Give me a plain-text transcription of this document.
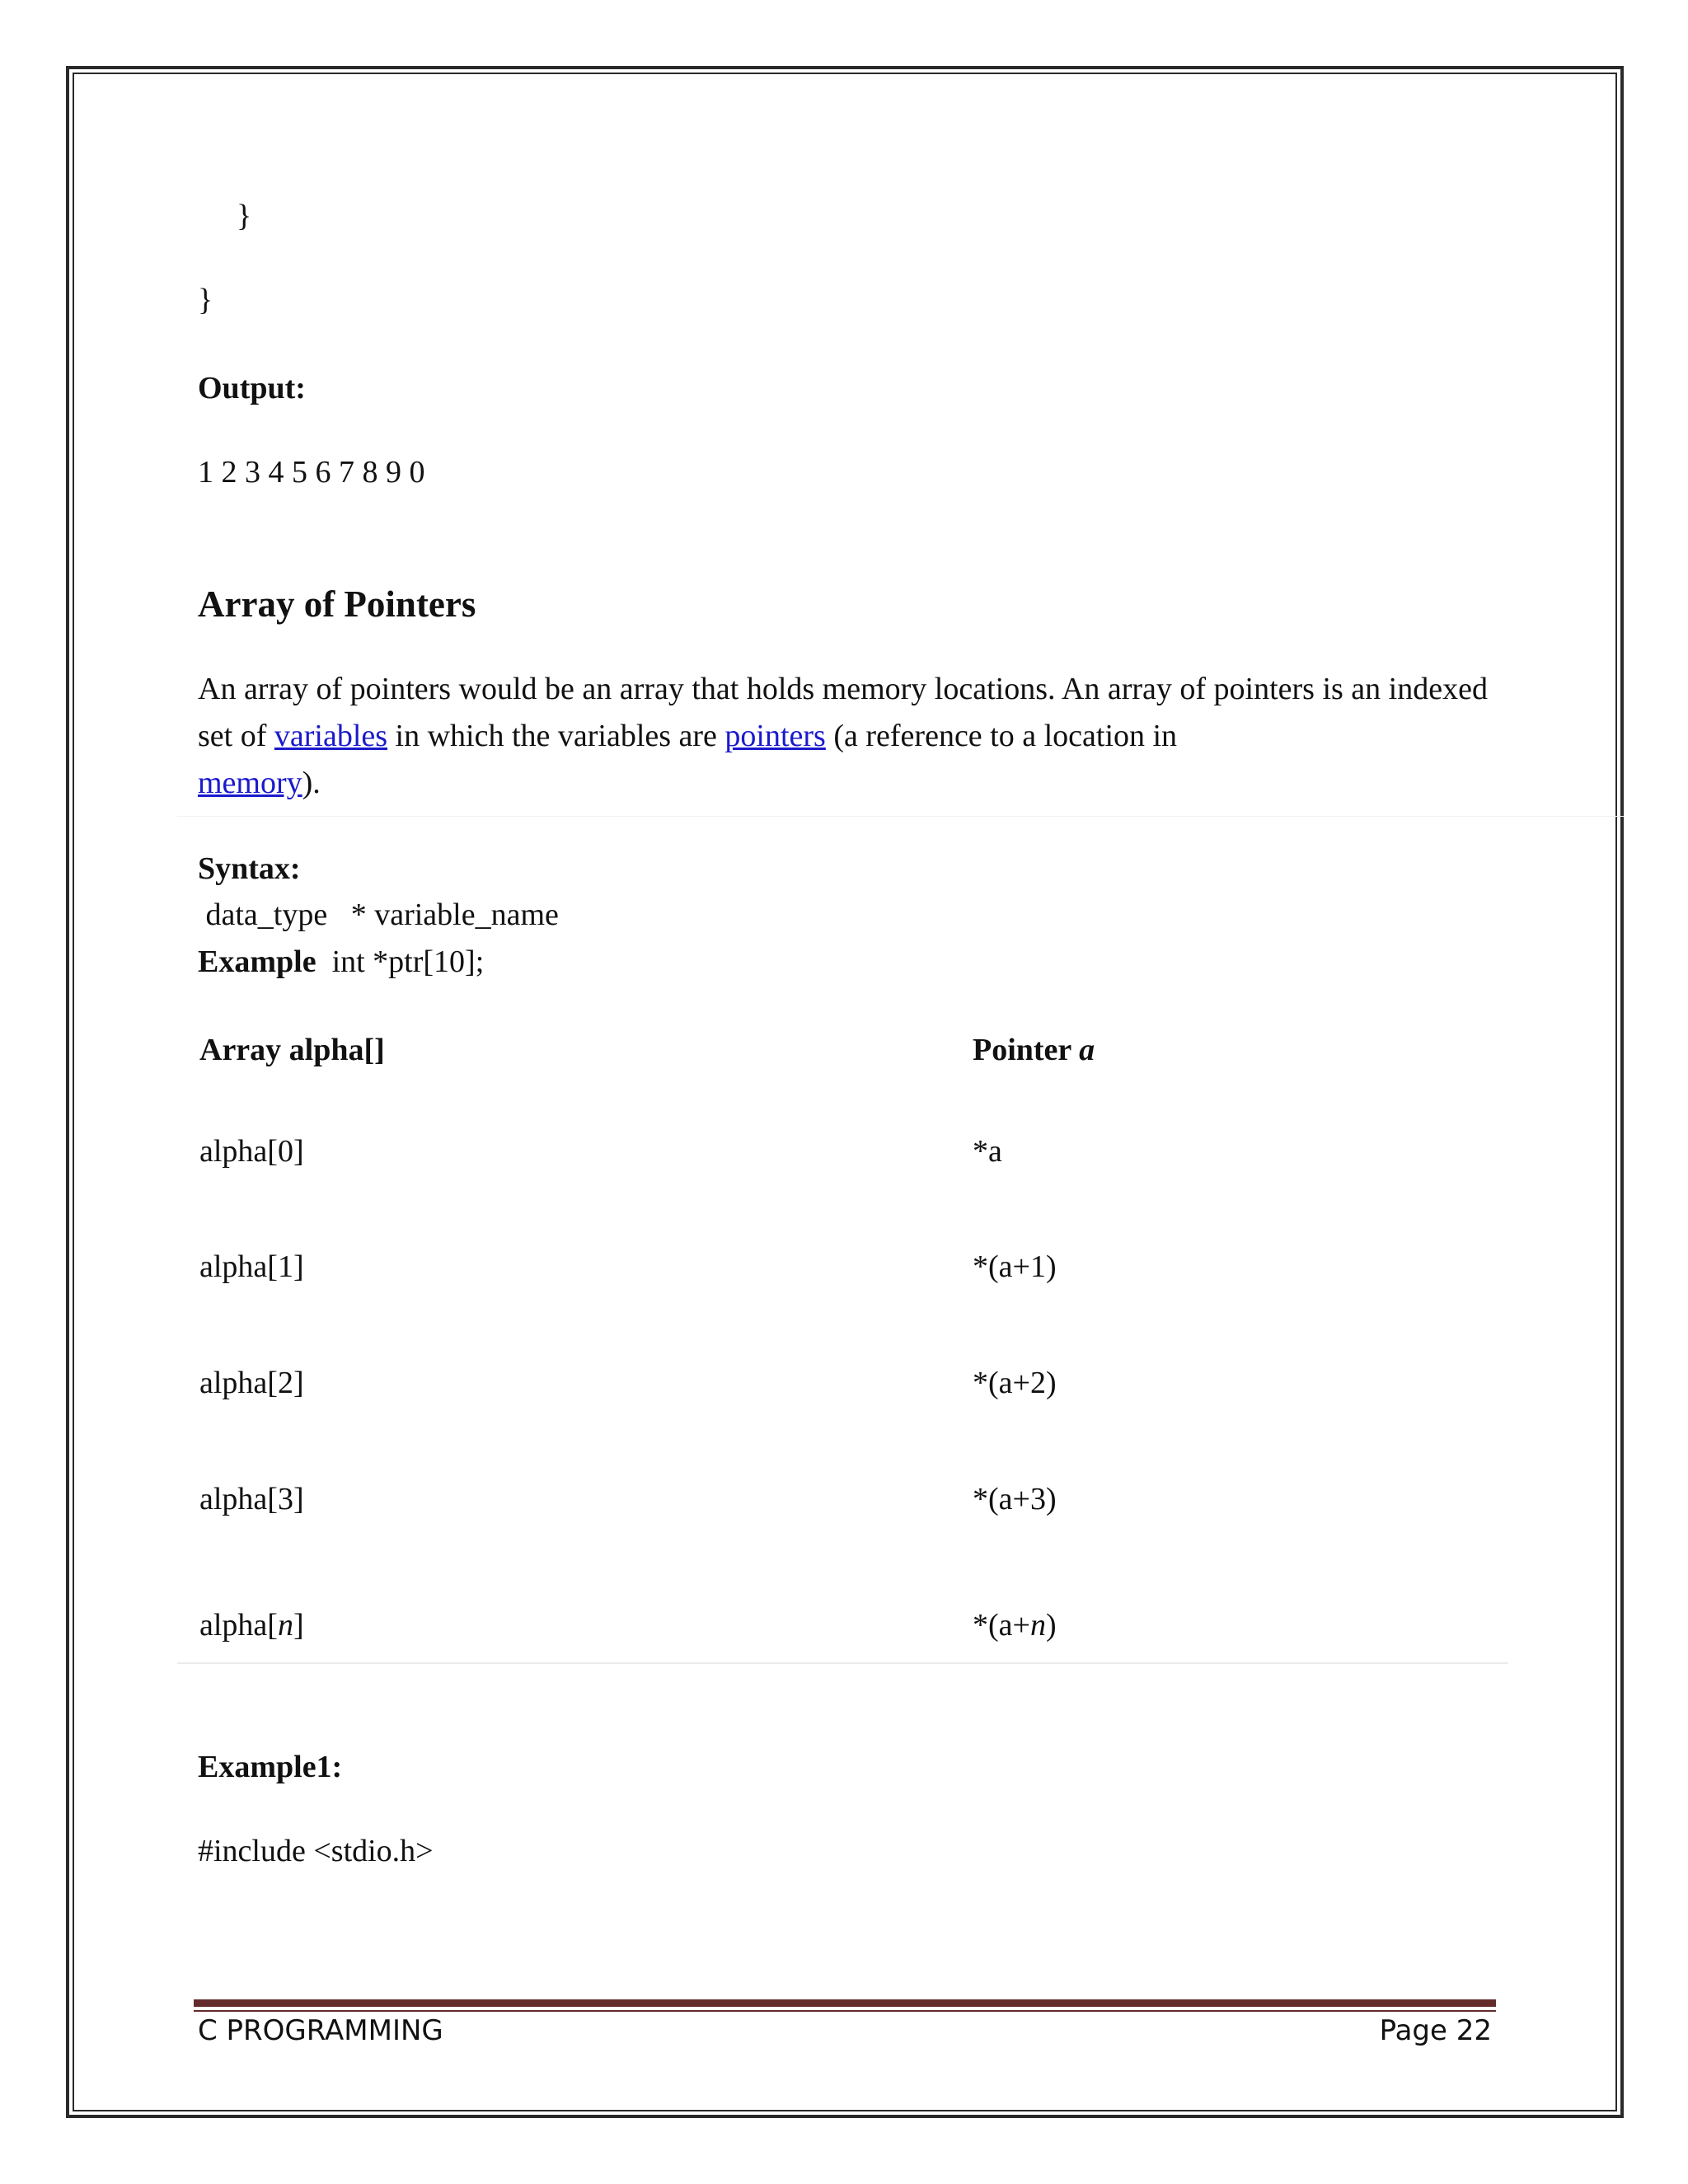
}
}
Output:
1 2 3 4 5 6 7 8 9 0
Array of Pointers
An array of pointers would be an array that holds memory locations. An array of pointers is an indexed set of variables in which the variables are pointers (a reference to a location in
memory).
Syntax:
data_type   * variable_name
Example  int *ptr[10];
Array alpha[]	Pointer a
alpha[0]	*a
alpha[1]	*(a+1)
alpha[2]	*(a+2)
alpha[3]	*(a+3)
alpha[n]	*(a+n)
Example1:
#include <stdio.h>
C PROGRAMMING	Page 22
